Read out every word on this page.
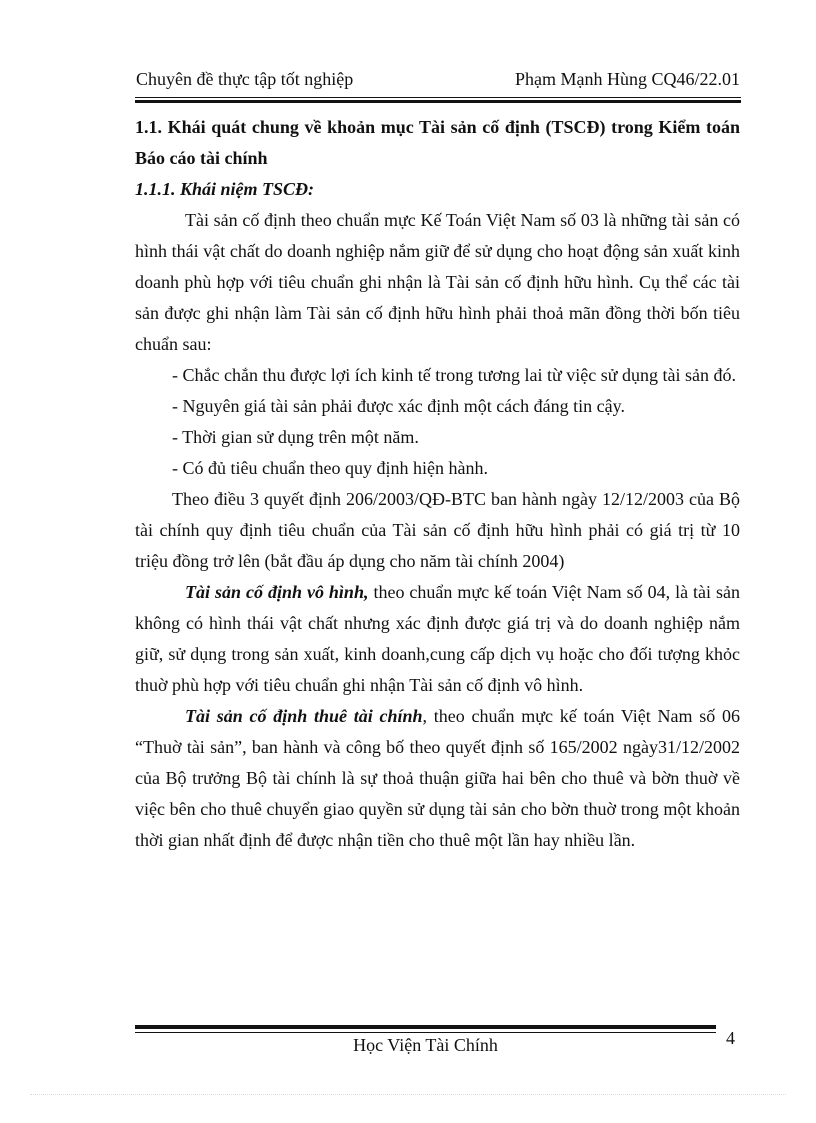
Chuyên đề thực tập tốt nghiệp	Phạm Mạnh Hùng CQ46/22.01

1.1. Khái quát chung về khoản mục Tài sản cố định (TSCĐ) trong Kiểm toán Báo cáo tài chính

1.1.1. Khái niệm TSCĐ:

Tài sản cố định theo chuẩn mực Kế Toán Việt Nam số 03 là những tài sản có hình thái vật chất do doanh nghiệp nắm giữ để sử dụng cho hoạt động sản xuất kinh doanh phù hợp với tiêu chuẩn ghi nhận là Tài sản cố định hữu hình. Cụ thể các tài sản được ghi nhận làm Tài sản cố định hữu hình phải thoả mãn đồng thời bốn tiêu chuẩn sau:

- Chắc chắn thu được lợi ích kinh tế trong tương lai từ việc sử dụng tài sản đó.

- Nguyên giá tài sản phải được xác định một cách đáng tin cậy.

- Thời gian sử dụng trên một năm.

- Có đủ tiêu chuẩn theo quy định hiện hành.

Theo điều 3 quyết định 206/2003/QĐ-BTC ban hành ngày 12/12/2003 của Bộ tài chính quy định tiêu chuẩn của Tài sản cố định hữu hình phải có giá trị từ 10 triệu đồng trở lên (bắt đầu áp dụng cho năm tài chính 2004)

Tài sản cố định vô hình, theo chuẩn mực kế toán Việt Nam số 04, là tài sản không có hình thái vật chất nhưng xác định được giá trị và do doanh nghiệp nắm giữ, sử dụng trong sản xuất, kinh doanh,cung cấp dịch vụ hoặc cho đối tượng khỏc thuờ phù hợp với tiêu chuẩn ghi nhận Tài sản cố định vô hình.

Tài sản cố định thuê tài chính, theo chuẩn mực kế toán Việt Nam số 06 “Thuờ tài sản”, ban hành và công bố theo quyết định số 165/2002 ngày31/12/2002 của Bộ trưởng Bộ tài chính là sự thoả thuận giữa hai bên cho thuê và bờn thuờ về việc bên cho thuê chuyển giao quyền sử dụng tài sản cho bờn thuờ trong một khoản thời gian nhất định để được nhận tiền cho thuê một lần hay nhiều lần.

Học Viện Tài Chính	4
